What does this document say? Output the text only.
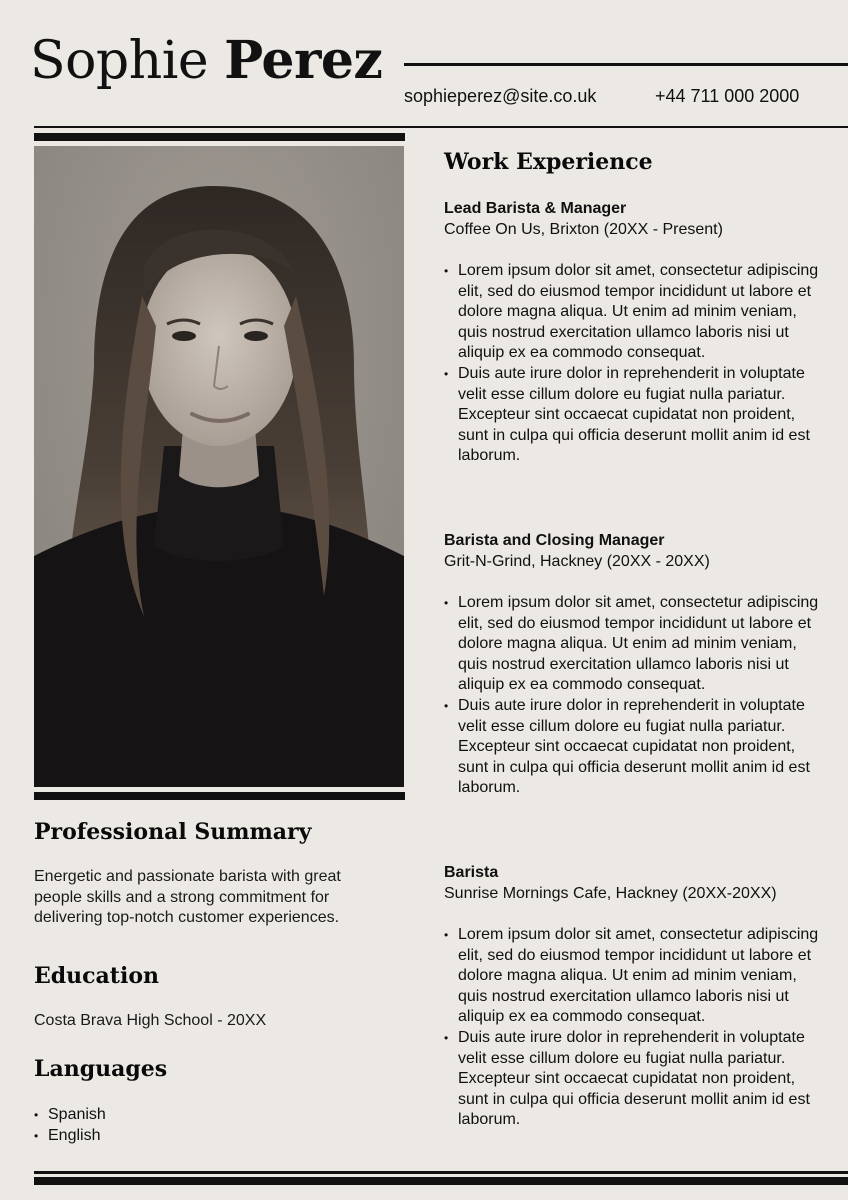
Sophie Perez
sophieperez@site.co.uk	+44 711 000 2000
Professional Summary
Energetic and passionate barista with great people skills and a strong commitment for delivering top-notch customer experiences.
Education
Costa Brava High School - 20XX
Languages
• Spanish
• English
Work Experience
Lead Barista & Manager
Coffee On Us, Brixton (20XX - Present)
• Lorem ipsum dolor sit amet, consectetur adipiscing elit, sed do eiusmod tempor incididunt ut labore et dolore magna aliqua. Ut enim ad minim veniam, quis nostrud exercitation ullamco laboris nisi ut aliquip ex ea commodo consequat.
• Duis aute irure dolor in reprehenderit in voluptate velit esse cillum dolore eu fugiat nulla pariatur. Excepteur sint occaecat cupidatat non proident, sunt in culpa qui officia deserunt mollit anim id est laborum.
Barista and Closing Manager
Grit-N-Grind, Hackney (20XX - 20XX)
• Lorem ipsum dolor sit amet, consectetur adipiscing elit, sed do eiusmod tempor incididunt ut labore et dolore magna aliqua. Ut enim ad minim veniam, quis nostrud exercitation ullamco laboris nisi ut aliquip ex ea commodo consequat.
• Duis aute irure dolor in reprehenderit in voluptate velit esse cillum dolore eu fugiat nulla pariatur. Excepteur sint occaecat cupidatat non proident, sunt in culpa qui officia deserunt mollit anim id est laborum.
Barista
Sunrise Mornings Cafe, Hackney (20XX-20XX)
• Lorem ipsum dolor sit amet, consectetur adipiscing elit, sed do eiusmod tempor incididunt ut labore et dolore magna aliqua. Ut enim ad minim veniam, quis nostrud exercitation ullamco laboris nisi ut aliquip ex ea commodo consequat.
• Duis aute irure dolor in reprehenderit in voluptate velit esse cillum dolore eu fugiat nulla pariatur. Excepteur sint occaecat cupidatat non proident, sunt in culpa qui officia deserunt mollit anim id est laborum.
